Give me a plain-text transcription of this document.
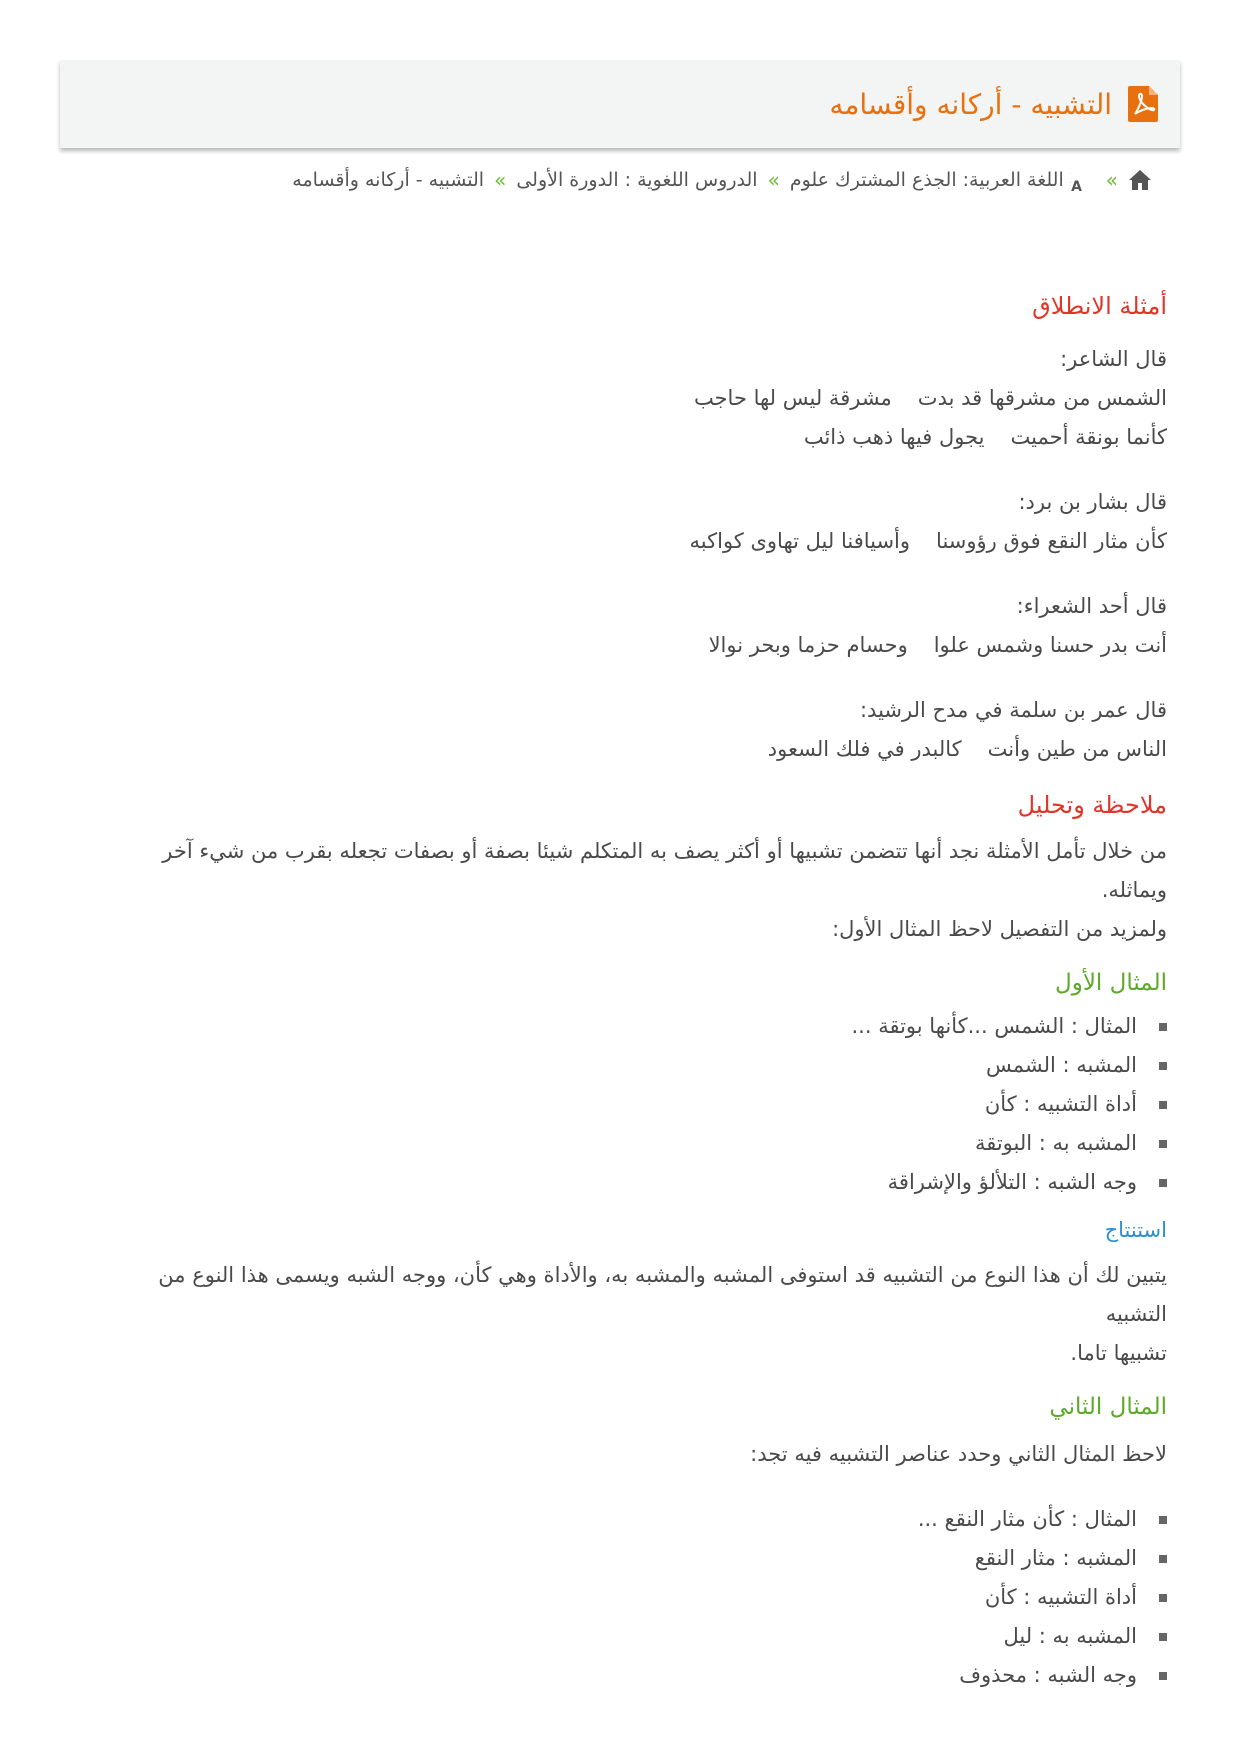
التشبيه - أركانه وأقسامه
»
A
اللغة العربية: الجذع المشترك علوم
»
الدروس اللغوية : الدورة الأولى
»
التشبيه - أركانه وأقسامه
أمثلة الانطلاق

قال الشاعر:

الشمس من مشرقها قد بدتمشرقة ليس لها حاجب

كأنما بونقة أحميتيجول فيها ذهب ذائب

قال بشار بن برد:

كأن مثار النقع فوق رؤوسناوأسيافنا ليل تهاوى كواكبه

قال أحد الشعراء:

أنت بدر حسنا وشمس علواوحسام حزما وبحر نوالا

قال عمر بن سلمة في مدح الرشيد:

الناس من طين وأنتكالبدر في فلك السعود

ملاحظة وتحليل

من خلال تأمل الأمثلة نجد أنها تتضمن تشبيها أو أكثر يصف به المتكلم شيئا بصفة أو بصفات تجعله بقرب من شيء آخر ويماثله.

ولمزيد من التفصيل لاحظ المثال الأول:

المثال الأول
المثال : الشمس ...كأنها بوتقة ...
المشبه : الشمس
أداة التشبيه : كأن
المشبه به : البوتقة
وجه الشبه : التلألؤ والإشراقة
استنتاج

يتبين لك أن هذا النوع من التشبيه قد استوفى المشبه والمشبه به، والأداة وهي كأن، ووجه الشبه ويسمى هذا النوع من التشبيه

تشبيها تاما.

المثال الثاني

لاحظ المثال الثاني وحدد عناصر التشبيه فيه تجد:

المثال : كأن مثار النقع ...
المشبه : مثار النقع
أداة التشبيه : كأن
المشبه به : ليل
وجه الشبه : محذوف
